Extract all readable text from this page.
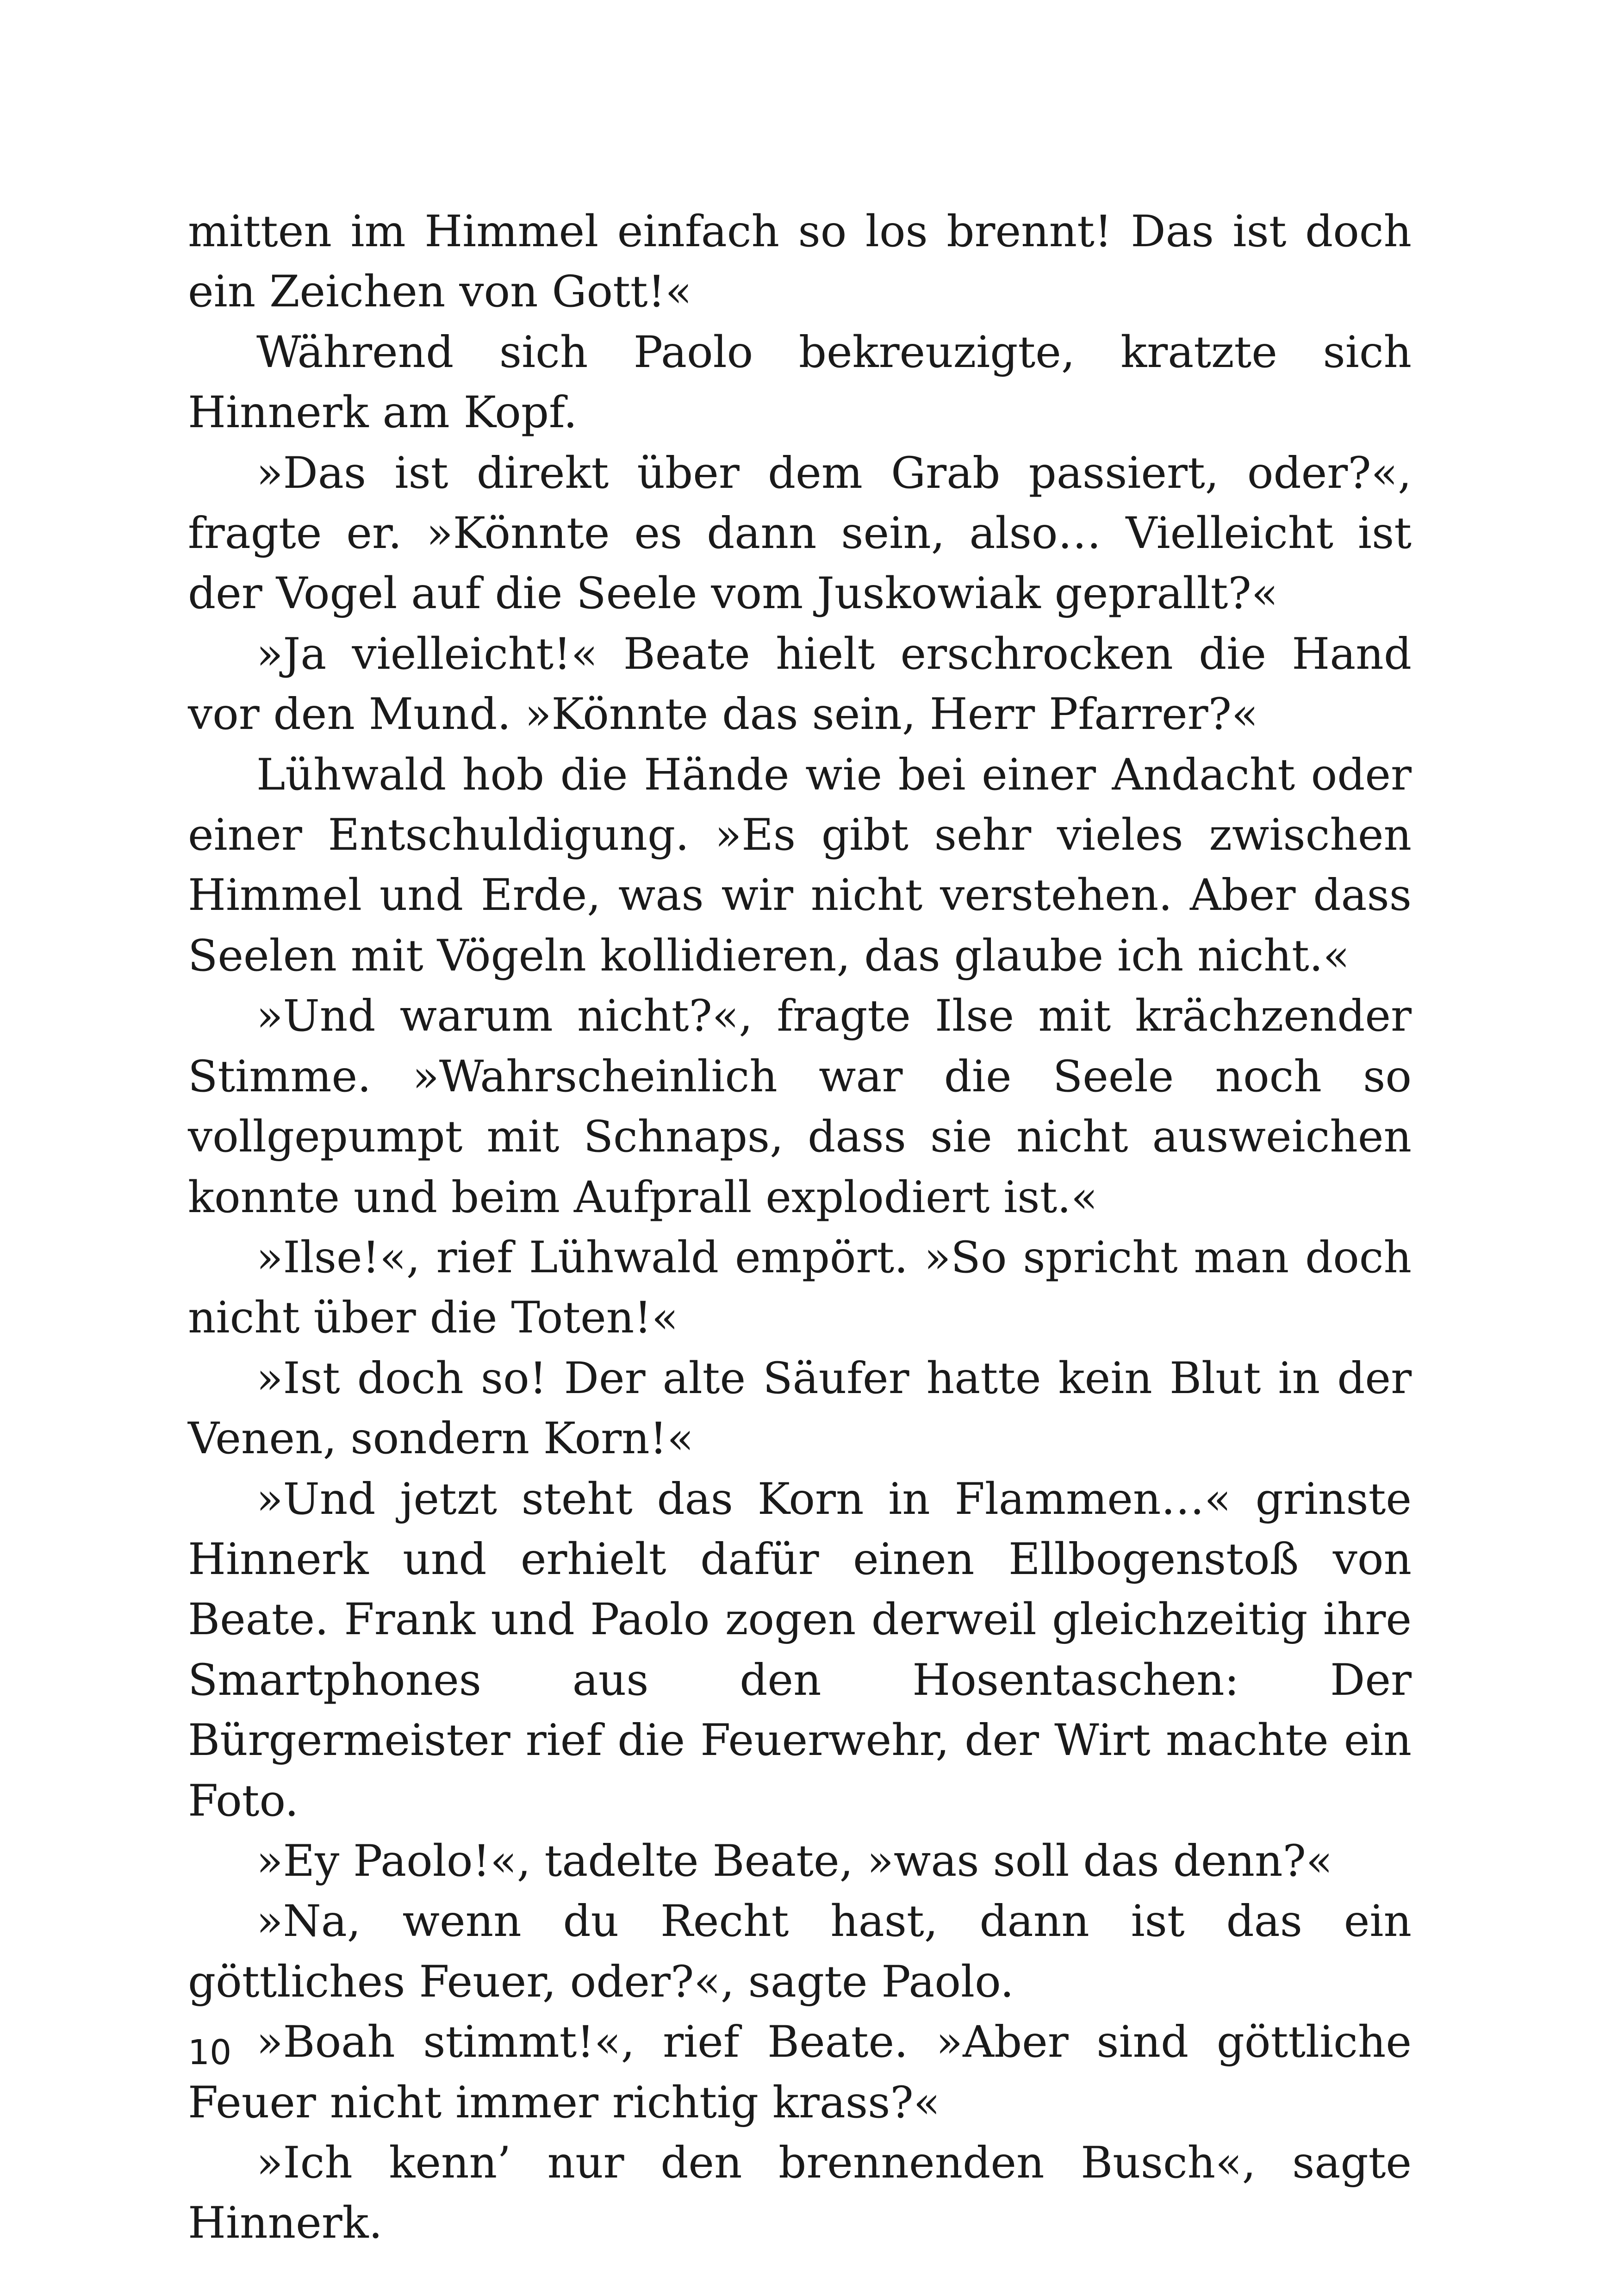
mitten im Himmel einfach so los brennt! Das ist doch ein Zeichen von Gott!«

Während sich Paolo bekreuzigte, kratzte sich Hinnerk am Kopf.

»Das ist direkt über dem Grab passiert, oder?«, fragte er. »Könnte es dann sein, also… Vielleicht ist der Vogel auf die Seele vom Juskowiak geprallt?«

»Ja vielleicht!« Beate hielt erschrocken die Hand vor den Mund. »Könnte das sein, Herr Pfarrer?«

Lühwald hob die Hände wie bei einer Andacht oder einer Entschuldigung. »Es gibt sehr vieles zwischen Himmel und Erde, was wir nicht verstehen. Aber dass Seelen mit Vögeln kollidieren, das glaube ich nicht.«

»Und warum nicht?«, fragte Ilse mit krächzender Stimme. »Wahrscheinlich war die Seele noch so vollgepumpt mit Schnaps, dass sie nicht ausweichen konnte und beim Aufprall explodiert ist.«

»Ilse!«, rief Lühwald empört. »So spricht man doch nicht über die Toten!«

»Ist doch so! Der alte Säufer hatte kein Blut in der Venen, sondern Korn!«

»Und jetzt steht das Korn in Flammen…« grinste Hinnerk und erhielt dafür einen Ellbogenstoß von Beate. Frank und Paolo zogen derweil gleichzeitig ihre Smartphones aus den Hosentaschen: Der Bürgermeister rief die Feuerwehr, der Wirt machte ein Foto.

»Ey Paolo!«, tadelte Beate, »was soll das denn?«

»Na, wenn du Recht hast, dann ist das ein göttliches Feuer, oder?«, sagte Paolo.

»Boah stimmt!«, rief Beate. »Aber sind göttliche Feuer nicht immer richtig krass?«

»Ich kenn’ nur den brennenden Busch«, sagte Hinnerk.

10
